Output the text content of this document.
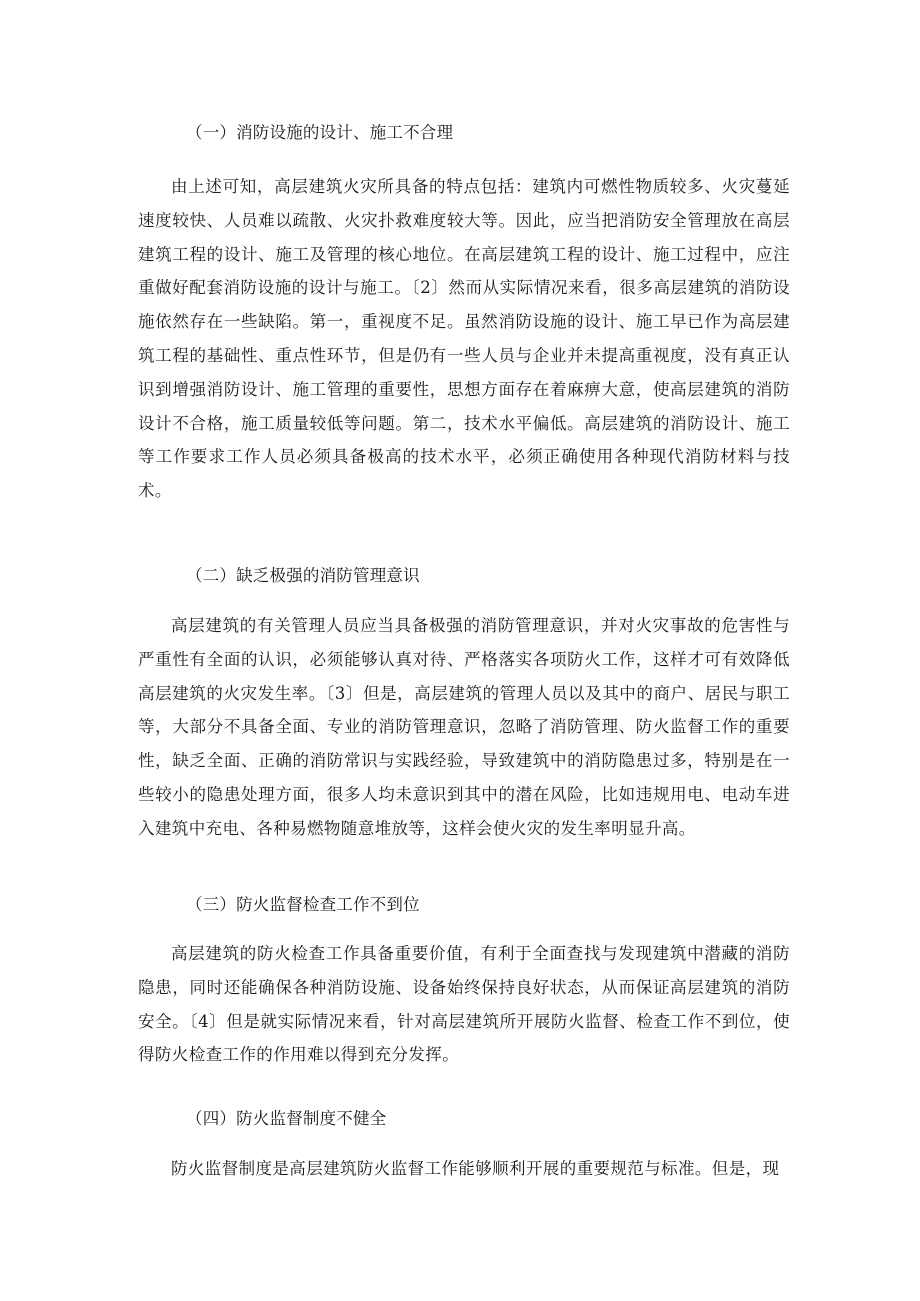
（一）消防设施的设计、施工不合理

由上述可知，高层建筑火灾所具备的特点包括：建筑内可燃性物质较多、火灾蔓延速度较快、人员难以疏散、火灾扑救难度较大等。因此，应当把消防安全管理放在高层建筑工程的设计、施工及管理的核心地位。在高层建筑工程的设计、施工过程中，应注重做好配套消防设施的设计与施工。〔2〕然而从实际情况来看，很多高层建筑的消防设施依然存在一些缺陷。第一，重视度不足。虽然消防设施的设计、施工早已作为高层建筑工程的基础性、重点性环节，但是仍有一些人员与企业并未提高重视度，没有真正认识到增强消防设计、施工管理的重要性，思想方面存在着麻痹大意，使高层建筑的消防设计不合格，施工质量较低等问题。第二，技术水平偏低。高层建筑的消防设计、施工等工作要求工作人员必须具备极高的技术水平，必须正确使用各种现代消防材料与技术。

（二）缺乏极强的消防管理意识

高层建筑的有关管理人员应当具备极强的消防管理意识，并对火灾事故的危害性与严重性有全面的认识，必须能够认真对待、严格落实各项防火工作，这样才可有效降低高层建筑的火灾发生率。〔3〕但是，高层建筑的管理人员以及其中的商户、居民与职工等，大部分不具备全面、专业的消防管理意识，忽略了消防管理、防火监督工作的重要性，缺乏全面、正确的消防常识与实践经验，导致建筑中的消防隐患过多，特别是在一些较小的隐患处理方面，很多人均未意识到其中的潜在风险，比如违规用电、电动车进入建筑中充电、各种易燃物随意堆放等，这样会使火灾的发生率明显升高。

（三）防火监督检查工作不到位

高层建筑的防火检查工作具备重要价值，有利于全面查找与发现建筑中潜藏的消防隐患，同时还能确保各种消防设施、设备始终保持良好状态，从而保证高层建筑的消防安全。〔4〕但是就实际情况来看，针对高层建筑所开展防火监督、检查工作不到位，使得防火检查工作的作用难以得到充分发挥。

（四）防火监督制度不健全

防火监督制度是高层建筑防火监督工作能够顺利开展的重要规范与标准。但是，现
